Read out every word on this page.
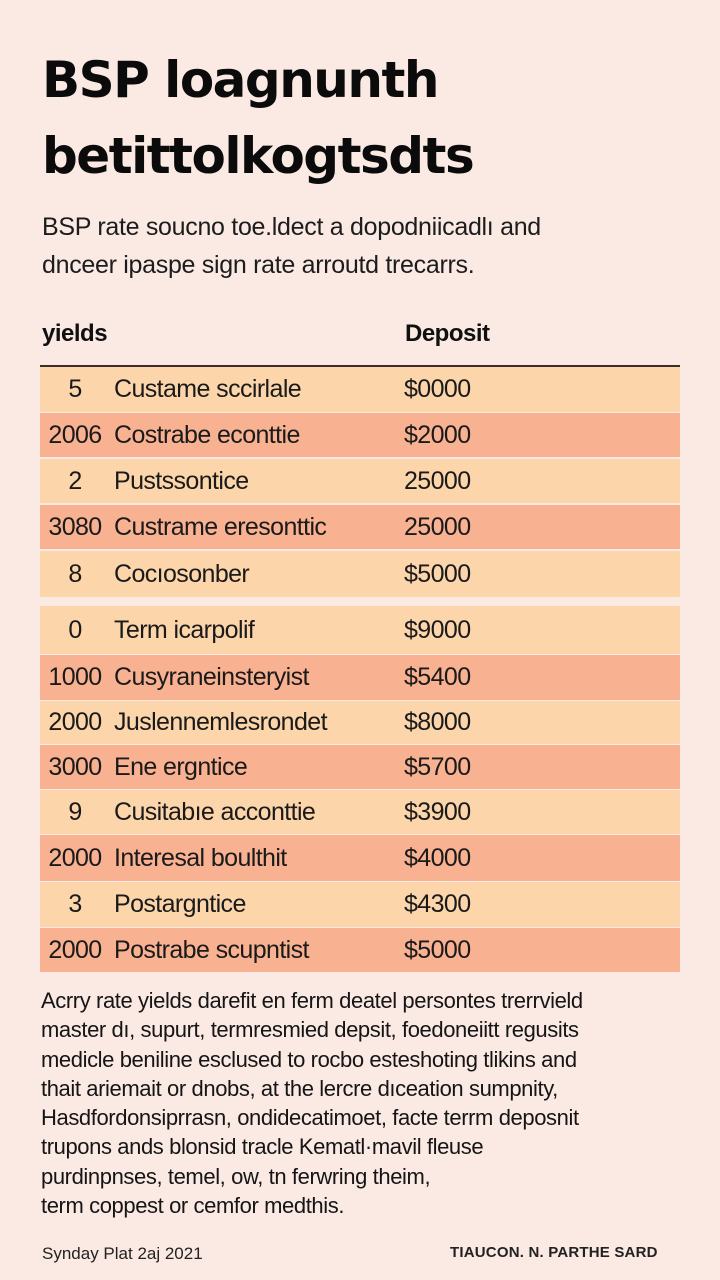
BSP loagnunth
betittolkogtsdts
BSP rate soucno toe.ldect a dopodniicadlı and
dnceer ipaspe sign rate arroutd trecarrs.
yields	Deposit
5	Custame sccirlale	$0000
2006 Costrabe econttie	$2000
2	Pustssontice	25000
3080 Custrame eresonttic	25000
8	Cocıosonber	$5000
0	Term icarpolif	$9000
1000 Cusyraneinsteryist	$5400
2000 Juslennemlesrondet	$8000
3000 Ene ergntice	$5700
9	Cusitabıe acconttie	$3900
2000 Interesal boulthit	$4000
3	Postargntice	$4300
2000 Postrabe scupntist	$5000
Acrry rate yields darefit en ferm deatel persontes trerrvield
master dı, supurt, termresmied depsit, foedoneiitt regusits
medicle beniline esclused to rocbo esteshoting tlikins and
thait ariemait or dnobs, at the lercre dıcеation sumpnity,
Hasdfordonsiprrasn, ondidecatimoet, facte terrm deposnit
trupons ands blonsid tracle Kematl·mavil fleuse
purdinpnses, temel, ow, tn ferwring theim,
term coppest or cemfor medthis.
Synday Plat 2aj 2021	TIAUCON. N. PARTHE SARD
